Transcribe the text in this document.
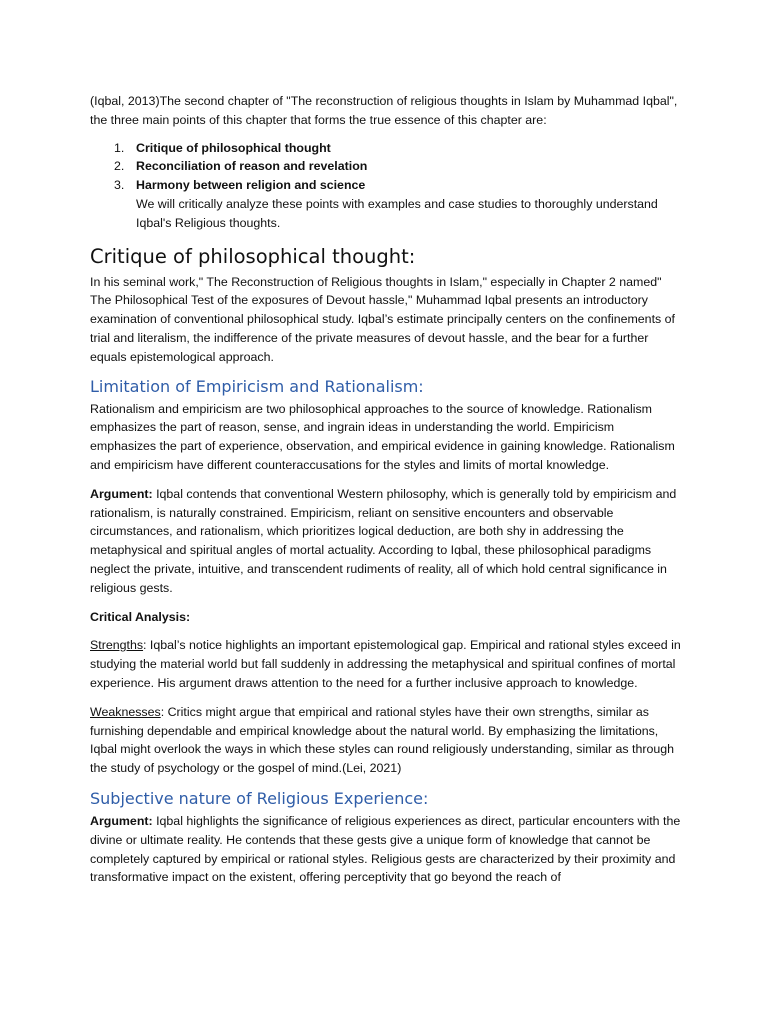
(Iqbal, 2013)The second chapter of "The reconstruction of religious thoughts in Islam by Muhammad Iqbal", the three main points of this chapter that forms the true essence of this chapter are:

1. Critique of philosophical thought
2. Reconciliation of reason and revelation
3. Harmony between religion and science

We will critically analyze these points with examples and case studies to thoroughly understand Iqbal's Religious thoughts.

Critique of philosophical thought:

In his seminal work," The Reconstruction of Religious thoughts in Islam," especially in Chapter 2 named" The Philosophical Test of the exposures of Devout hassle," Muhammad Iqbal presents an introductory examination of conventional philosophical study. Iqbal’s estimate principally centers on the confinements of trial and literalism, the indifference of the private measures of devout hassle, and the bear for a further equals epistemological approach.

Limitation of Empiricism and Rationalism:

Rationalism and empiricism are two philosophical approaches to the source of knowledge. Rationalism emphasizes the part of reason, sense, and ingrain ideas in understanding the world. Empiricism emphasizes the part of experience, observation, and empirical evidence in gaining knowledge. Rationalism and empiricism have different counteraccusations for the styles and limits of mortal knowledge.

Argument: Iqbal contends that conventional Western philosophy, which is generally told by empiricism and rationalism, is naturally constrained. Empiricism, reliant on sensitive encounters and observable circumstances, and rationalism, which prioritizes logical deduction, are both shy in addressing the metaphysical and spiritual angles of mortal actuality. According to Iqbal, these philosophical paradigms neglect the private, intuitive, and transcendent rudiments of reality, all of which hold central significance in religious gests.

Critical Analysis:

Strengths: Iqbal’s notice highlights an important epistemological gap. Empirical and rational styles exceed in studying the material world but fall suddenly in addressing the metaphysical and spiritual confines of mortal experience. His argument draws attention to the need for a further inclusive approach to knowledge.

Weaknesses: Critics might argue that empirical and rational styles have their own strengths, similar as furnishing dependable and empirical knowledge about the natural world. By emphasizing the limitations, Iqbal might overlook the ways in which these styles can round religiously understanding, similar as through the study of psychology or the gospel of mind.(Lei, 2021)

Subjective nature of Religious Experience:

Argument: Iqbal highlights the significance of religious experiences as direct, particular encounters with the divine or ultimate reality. He contends that these gests give a unique form of knowledge that cannot be completely captured by empirical or rational styles. Religious gests are characterized by their proximity and transformative impact on the existent, offering perceptivity that go beyond the reach of
